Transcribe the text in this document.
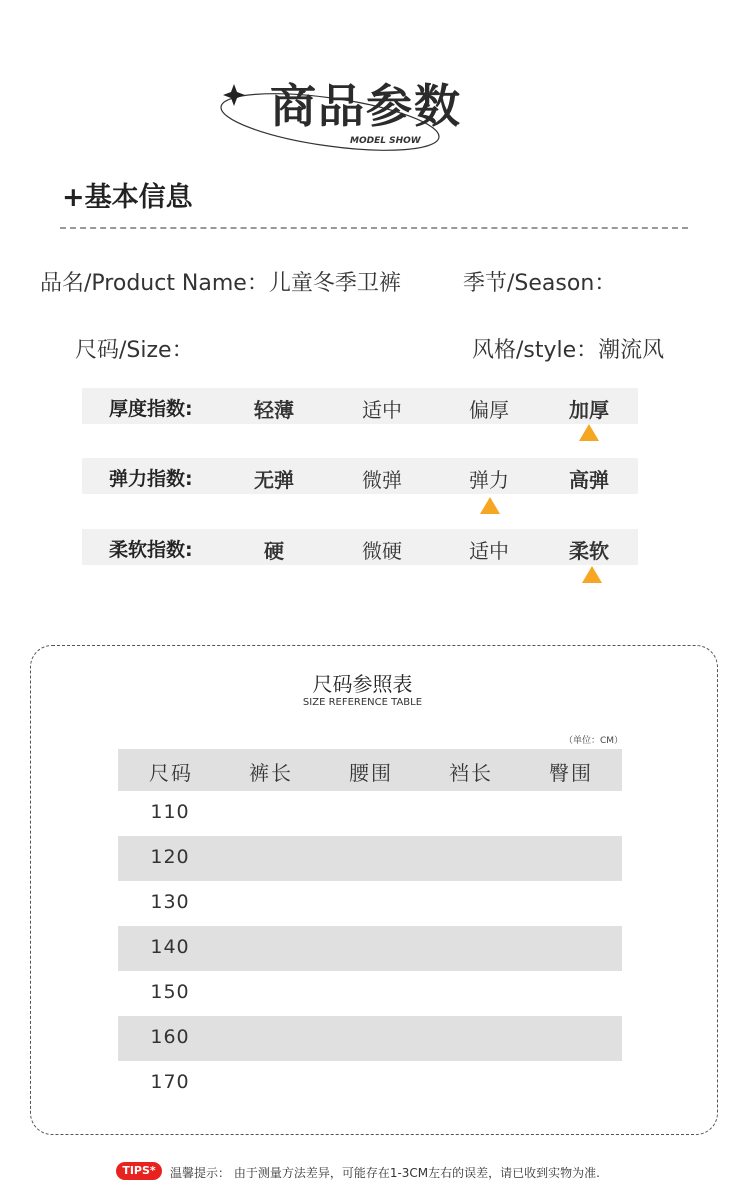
商品参数
MODEL SHOW
+基本信息
品名/Product Name：儿童冬季卫裤	季节/Season：
尺码/Size：	风格/style：潮流风
厚度指数:	轻薄	适中	偏厚	加厚
弹力指数:	无弹	微弹	弹力	高弹
柔软指数:	硬	微硬	适中	柔软
尺码参照表
SIZE REFERENCE TABLE
（单位：CM）
尺码	裤长	腰围	裆长	臀围
110
120
130
140
150
160
170
TIPS*	温馨提示： 由于测量方法差异，可能存在1-3CM左右的误差，请已收到实物为准.
